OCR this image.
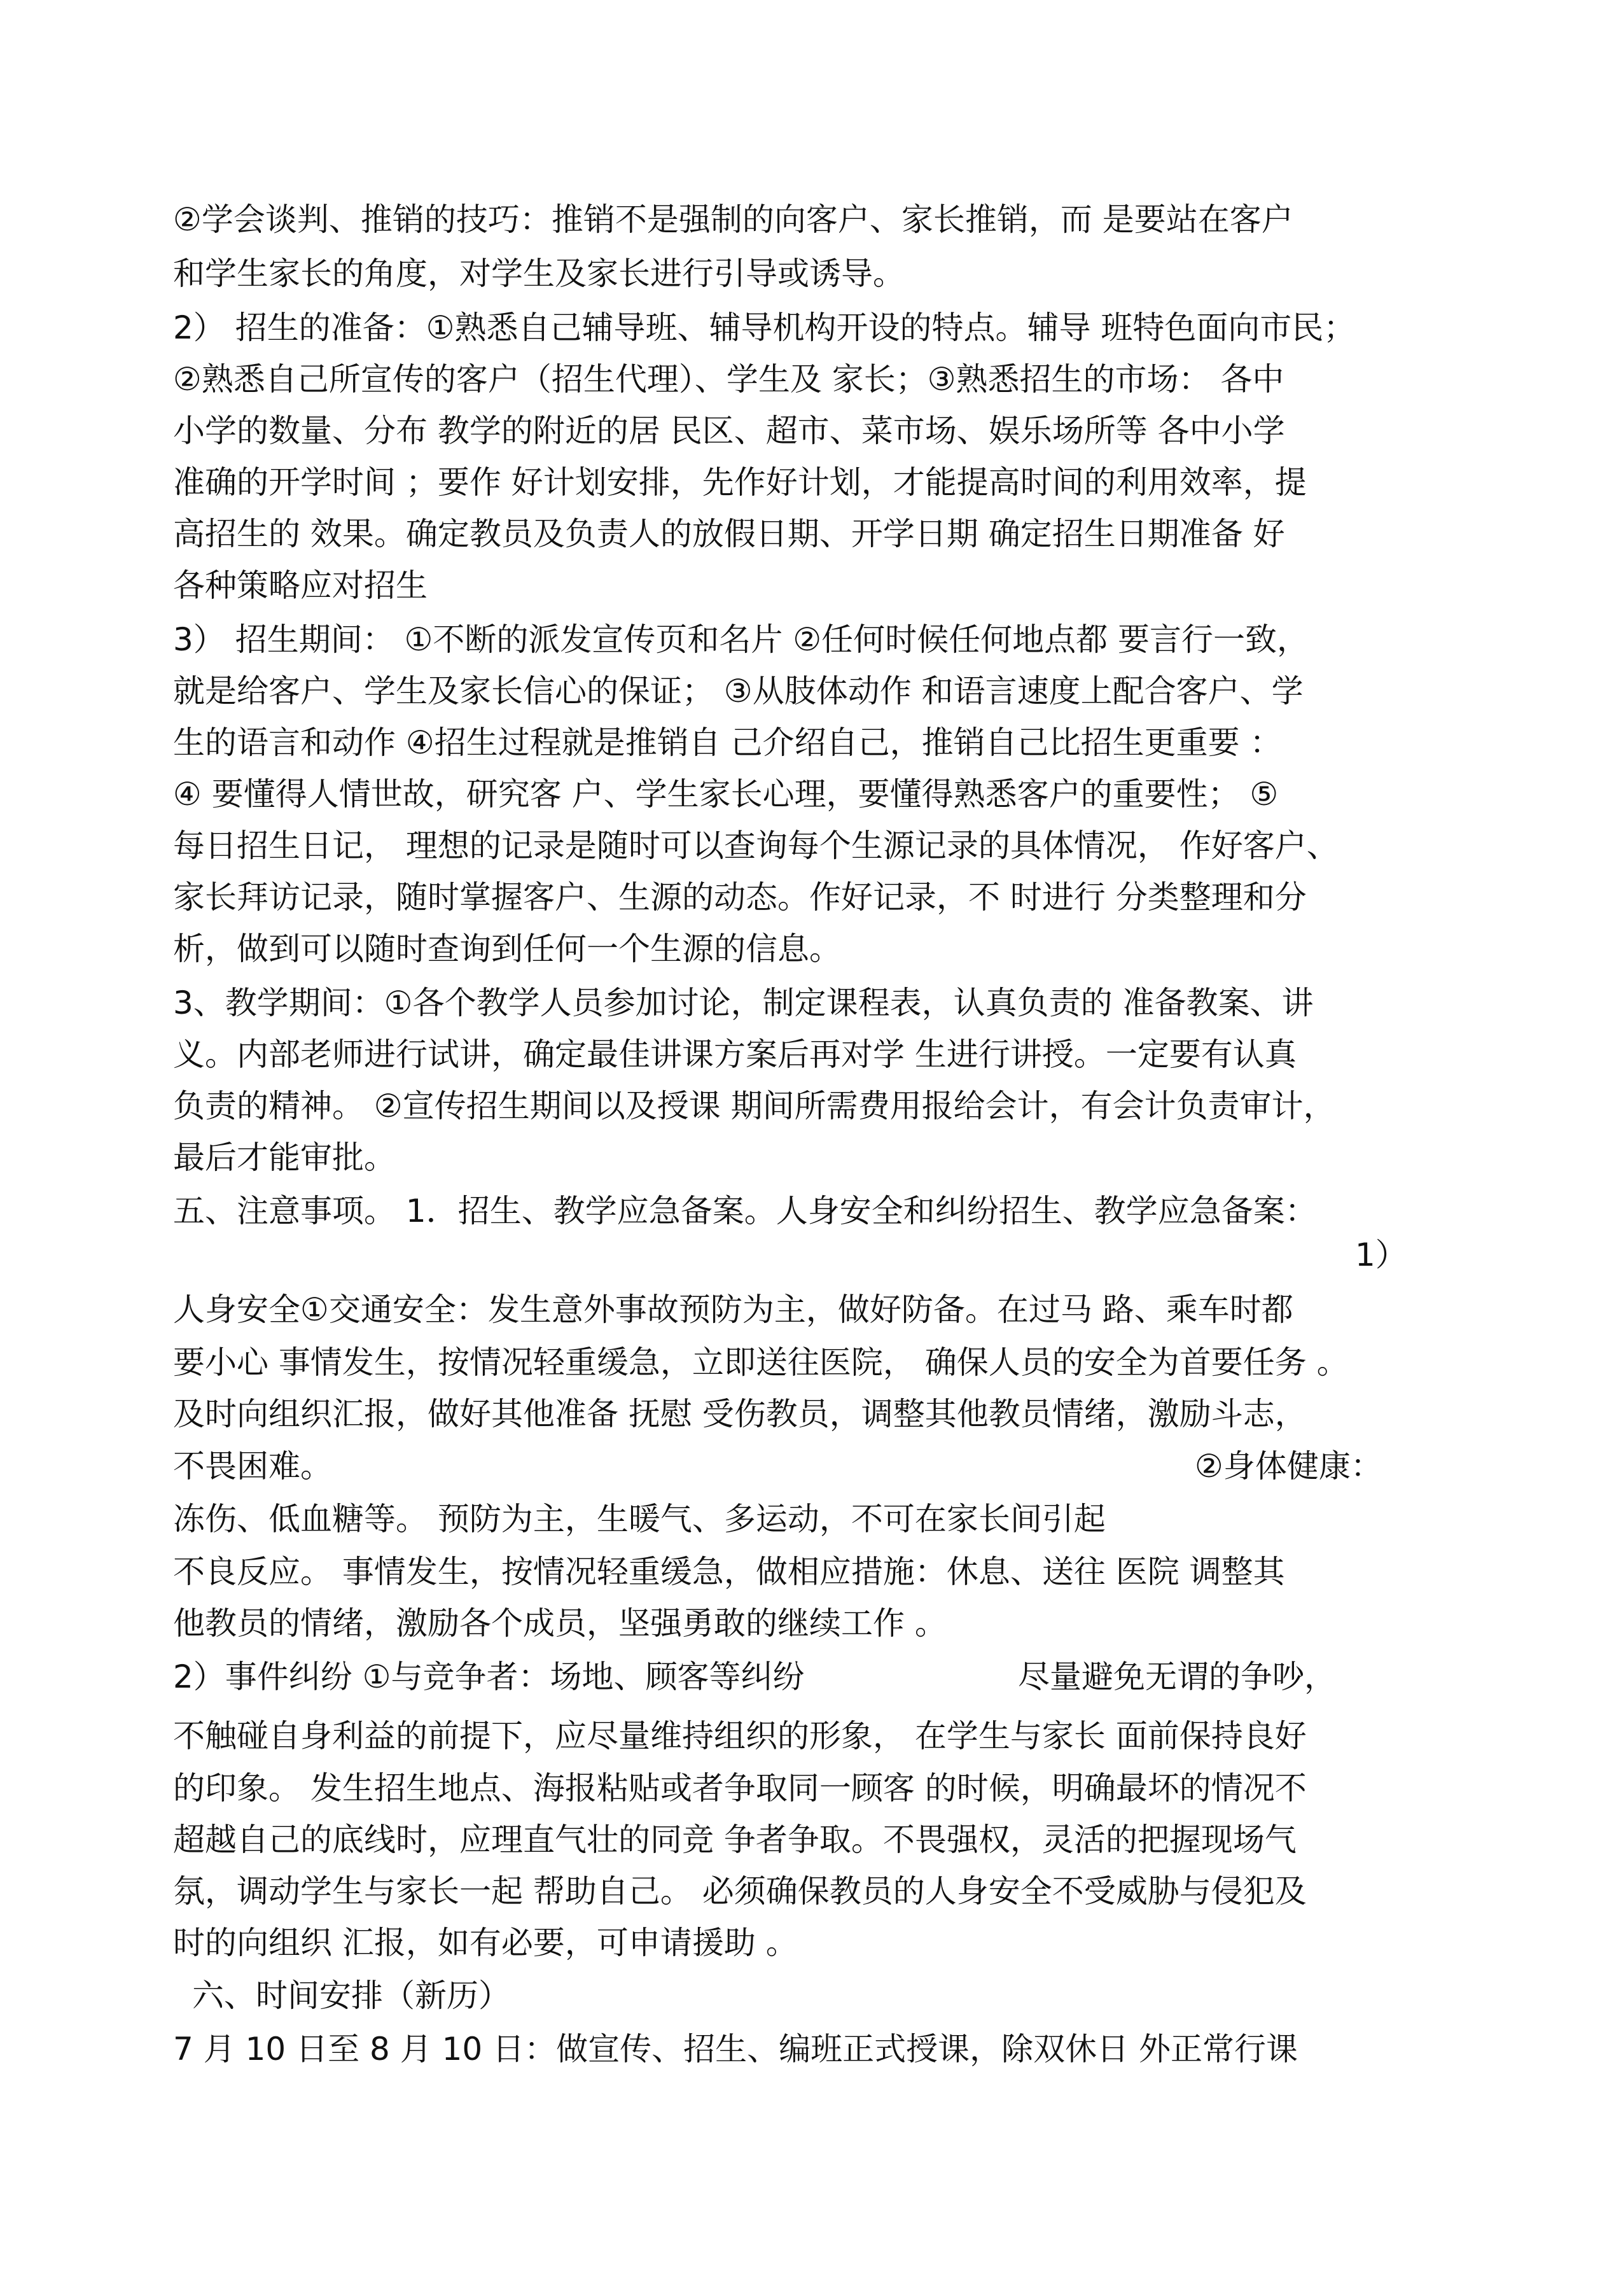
②学会谈判、推销的技巧：推销不是强制的向客户、家长推销，而 是要站在客户
和学生家长的角度，对学生及家长进行引导或诱导。
2） 招生的准备：①熟悉自己辅导班、辅导机构开设的特点。辅导 班特色面向市民；
②熟悉自己所宣传的客户（招生代理）、学生及 家长；③熟悉招生的市场： 各中
小学的数量、分布 教学的附近的居 民区、超市、菜市场、娱乐场所等 各中小学
准确的开学时间 ；要作 好计划安排，先作好计划，才能提高时间的利用效率，提
高招生的 效果。确定教员及负责人的放假日期、开学日期 确定招生日期准备 好
各种策略应对招生
3） 招生期间： ①不断的派发宣传页和名片 ②任何时候任何地点都 要言行一致，
就是给客户、学生及家长信心的保证； ③从肢体动作 和语言速度上配合客户、学
生的语言和动作 ④招生过程就是推销自 己介绍自己，推销自己比招生更重要 ：
④ 要懂得人情世故，研究客 户、学生家长心理，要懂得熟悉客户的重要性； ⑤
每日招生日记， 理想的记录是随时可以查询每个生源记录的具体情况， 作好客户、
家长拜访记录，随时掌握客户、生源的动态。作好记录，不 时进行 分类整理和分
析，做到可以随时查询到任何一个生源的信息。
3、教学期间：①各个教学人员参加讨论，制定课程表，认真负责的 准备教案、讲
义。内部老师进行试讲，确定最佳讲课方案后再对学 生进行讲授。一定要有认真
负责的精神。 ②宣传招生期间以及授课 期间所需费用报给会计，有会计负责审计，
最后才能审批。
五、注意事项。 1．招生、教学应急备案。人身安全和纠纷招生、教学应急备案：
1）
人身安全①交通安全：发生意外事故预防为主，做好防备。在过马 路、乘车时都
要小心 事情发生，按情况轻重缓急，立即送往医院， 确保人员的安全为首要任务 。
及时向组织汇报，做好其他准备 抚慰 受伤教员，调整其他教员情绪，激励斗志，
不畏困难。	②身体健康：
冻伤、低血糖等。 预防为主，生暖气、多运动，不可在家长间引起
不良反应。 事情发生，按情况轻重缓急，做相应措施：休息、送往 医院 调整其
他教员的情绪，激励各个成员，坚强勇敢的继续工作 。
2）事件纠纷 ①与竞争者：场地、顾客等纠纷	尽量避免无谓的争吵，
不触碰自身利益的前提下，应尽量维持组织的形象， 在学生与家长 面前保持良好
的印象。 发生招生地点、海报粘贴或者争取同一顾客 的时候，明确最坏的情况不
超越自己的底线时，应理直气壮的同竞 争者争取。不畏强权，灵活的把握现场气
氛，调动学生与家长一起 帮助自己。 必须确保教员的人身安全不受威胁与侵犯及
时的向组织 汇报，如有必要，可申请援助 。
六、时间安排（新历）
7 月 10 日至 8 月 10 日：做宣传、招生、编班正式授课，除双休日 外正常行课
